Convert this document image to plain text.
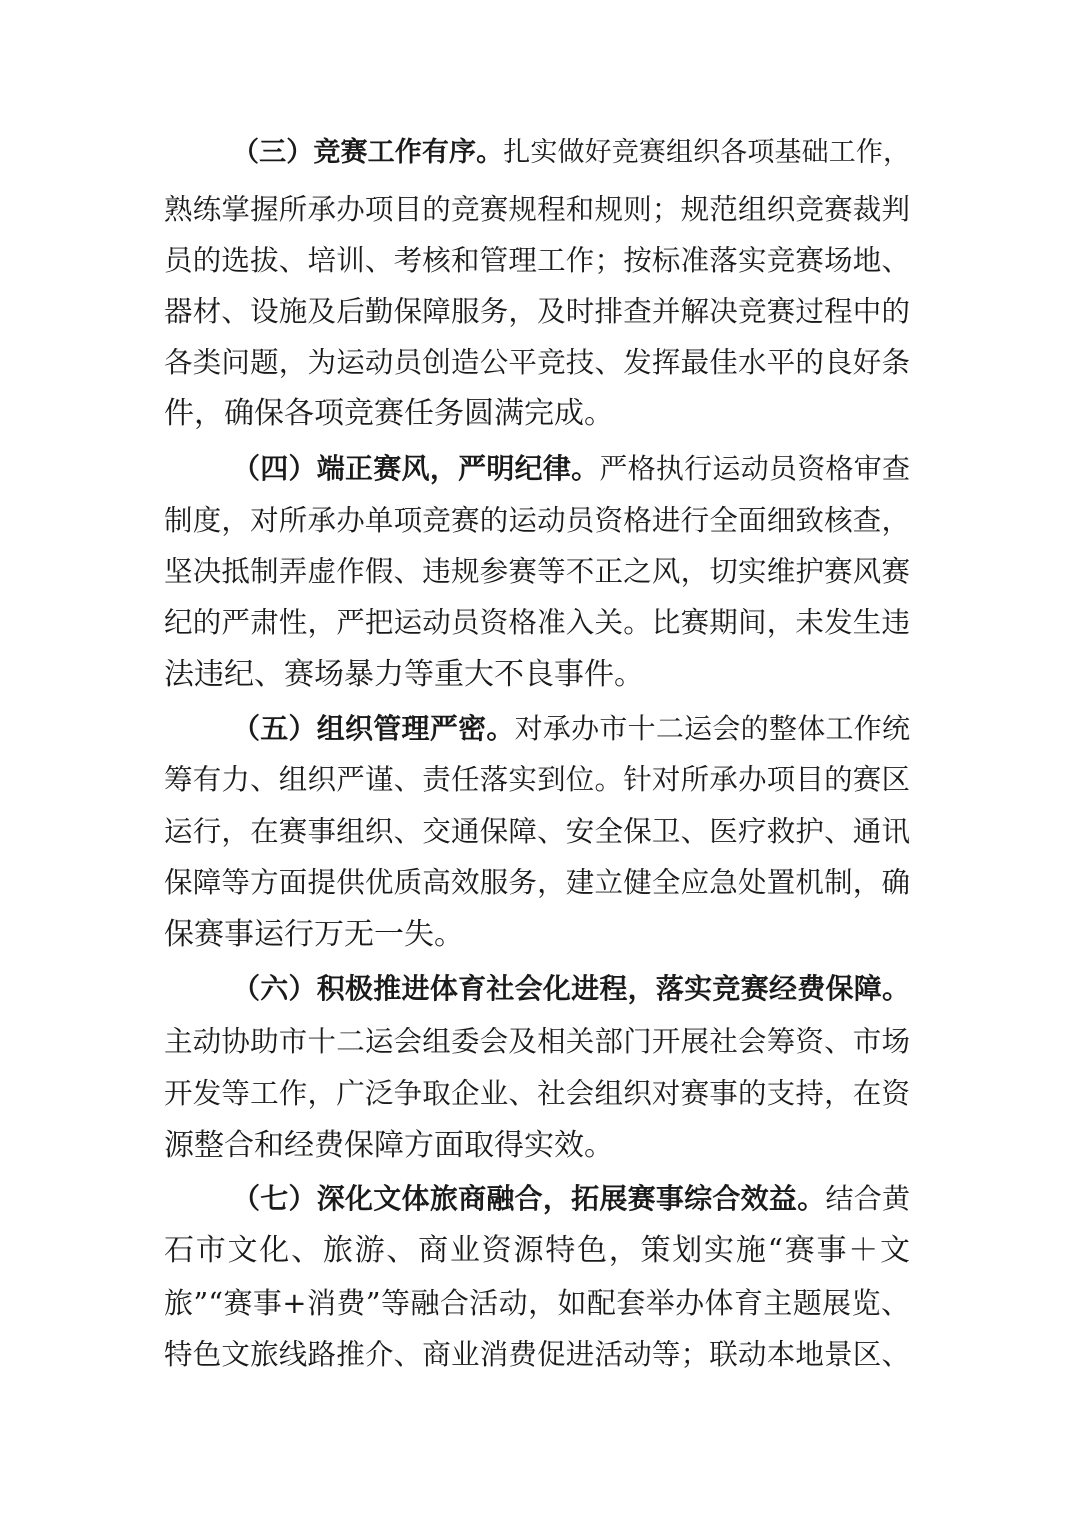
（三）竞赛工作有序。扎实做好竞赛组织各项基础工作，
熟练掌握所承办项目的竞赛规程和规则；规范组织竞赛裁判
员的选拔、培训、考核和管理工作；按标准落实竞赛场地、
器材、设施及后勤保障服务，及时排查并解决竞赛过程中的
各类问题，为运动员创造公平竞技、发挥最佳水平的良好条
件，确保各项竞赛任务圆满完成。
（四）端正赛风，严明纪律。严格执行运动员资格审查
制度，对所承办单项竞赛的运动员资格进行全面细致核查，
坚决抵制弄虚作假、违规参赛等不正之风，切实维护赛风赛
纪的严肃性，严把运动员资格准入关。比赛期间，未发生违
法违纪、赛场暴力等重大不良事件。
（五）组织管理严密。对承办市十二运会的整体工作统
筹有力、组织严谨、责任落实到位。针对所承办项目的赛区
运行，在赛事组织、交通保障、安全保卫、医疗救护、通讯
保障等方面提供优质高效服务，建立健全应急处置机制，确
保赛事运行万无一失。
（六）积极推进体育社会化进程，落实竞赛经费保障。
主动协助市十二运会组委会及相关部门开展社会筹资、市场
开发等工作，广泛争取企业、社会组织对赛事的支持，在资
源整合和经费保障方面取得实效。
（七）深化文体旅商融合，拓展赛事综合效益。结合黄
石市文化、旅游、商业资源特色，策划实施“赛事＋文
旅”“赛事+消费”等融合活动，如配套举办体育主题展览、
特色文旅线路推介、商业消费促进活动等；联动本地景区、
